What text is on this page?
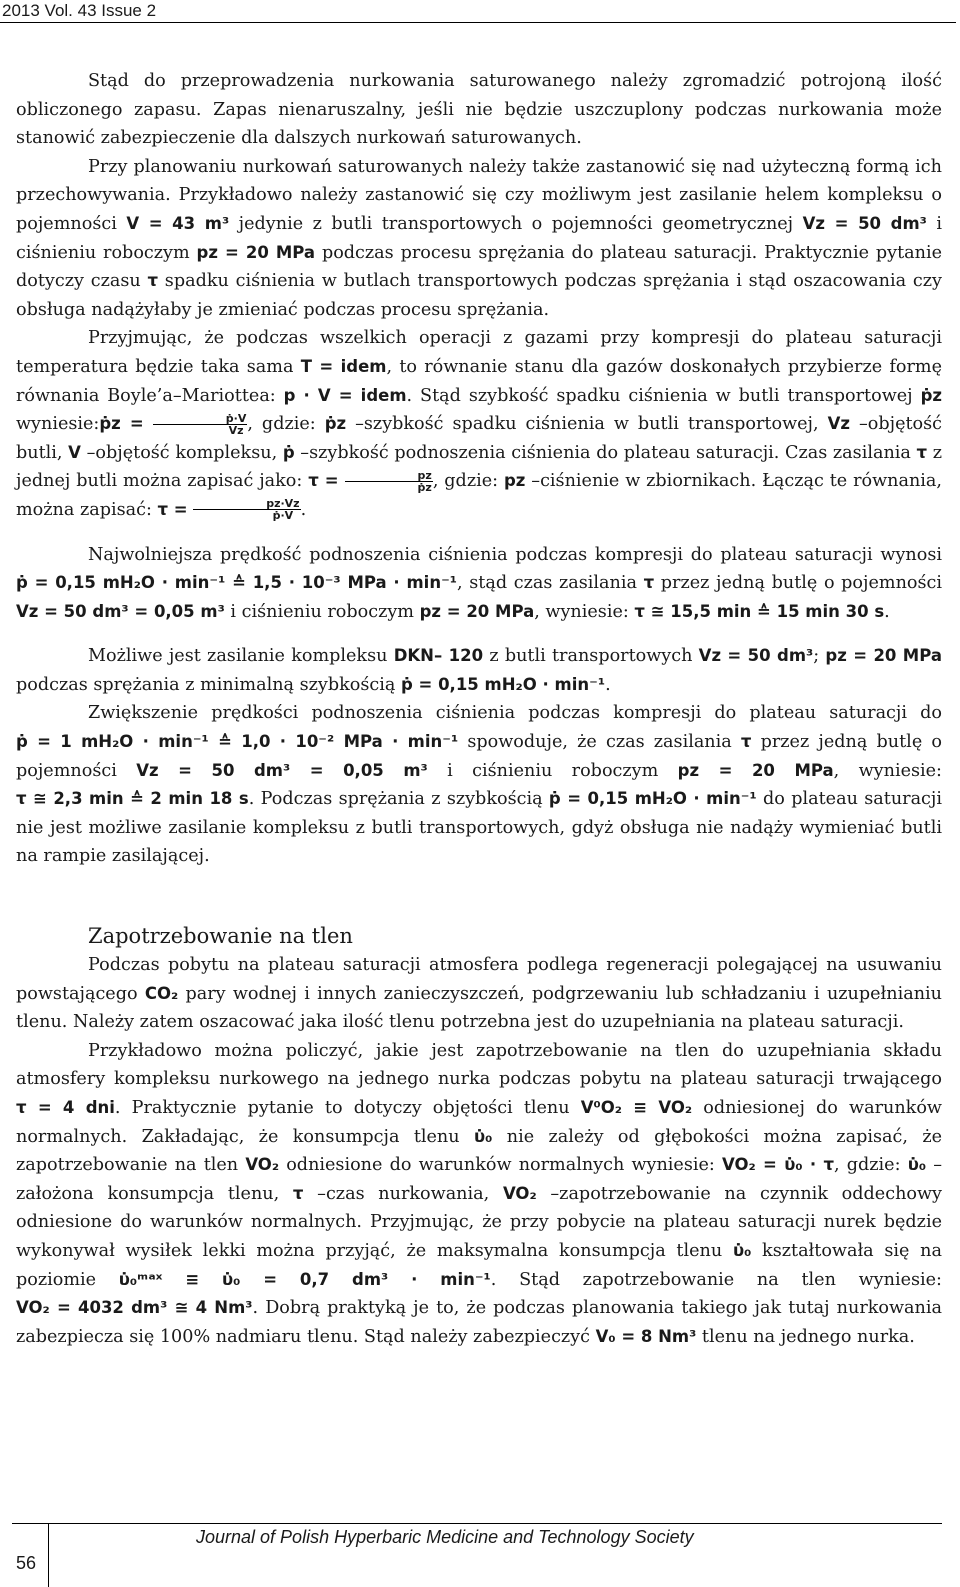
2013 Vol. 43 Issue 2

Stąd do przeprowadzenia nurkowania saturowanego należy zgromadzić potrojoną ilość obliczonego zapasu. Zapas nienaruszalny, jeśli nie będzie uszczuplony podczas nurkowania może stanowić zabezpieczenie dla dalszych nurkowań saturowanych.

Przy planowaniu nurkowań saturowanych należy także zastanowić się nad użyteczną formą ich przechowywania. Przykładowo należy zastanowić się czy możliwym jest zasilanie helem kompleksu o pojemności V = 43 m³ jedynie z butli transportowych o pojemności geometrycznej Vz = 50 dm³ i ciśnieniu roboczym pz = 20 MPa podczas procesu sprężania do plateau saturacji. Praktycznie pytanie dotyczy czasu τ spadku ciśnienia w butlach transportowych podczas sprężania i stąd oszacowania czy obsługa nadążyłaby je zmieniać podczas procesu sprężania.

Przyjmując, że podczas wszelkich operacji z gazami przy kompresji do plateau saturacji temperatura będzie taka sama T = idem, to równanie stanu dla gazów doskonałych przybierze formę równania Boyle’a–Mariottea: p · V = idem. Stąd szybkość spadku ciśnienia w butli transportowej ṗz wyniesie:ṗz = $\frac{\text{ṗ·V}}{Vz}$ , gdzie: ṗz –szybkość spadku ciśnienia w butli transportowej, Vz –objętość butli, V –objętość kompleksu, ṗ –szybkość podnoszenia ciśnienia do plateau saturacji. Czas zasilania τ z jednej butli można zapisać jako: $\tau = \frac{pz}{\text{ṗz}}$ , gdzie: pz –ciśnienie w zbiornikach. Łącząc te równania, można zapisać: $\tau = \frac{pz\cdot Vz}{\text{ṗ·V}}$ .

Najwolniejsza prędkość podnoszenia ciśnienia podczas kompresji do plateau saturacji wynosi ṗ = 0,15 mH₂O · min⁻¹ ≙ 1,5 · 10⁻³ MPa · min⁻¹, stąd czas zasilania τ przez jedną butlę o pojemności Vz = 50 dm³ = 0,05 m³ i ciśnieniu roboczym pz = 20 MPa, wyniesie: τ ≅ 15,5 min ≙ 15 min 30 s.

Możliwe jest zasilanie kompleksu DKN– 120 z butli transportowych Vz = 50 dm³; pz = 20 MPa podczas sprężania z minimalną szybkością ṗ = 0,15 mH₂O · min⁻¹.

Zwiększenie prędkości podnoszenia ciśnienia podczas kompresji do plateau saturacji do ṗ = 1 mH₂O · min⁻¹ ≙ 1,0 · 10⁻² MPa · min⁻¹ spowoduje, że czas zasilania τ przez jedną butlę o pojemności Vz = 50 dm³ = 0,05 m³ i ciśnieniu roboczym pz = 20 MPa, wyniesie: τ ≅ 2,3 min ≙ 2 min 18 s. Podczas sprężania z szybkością ṗ = 0,15 mH₂O · min⁻¹ do plateau saturacji nie jest możliwe zasilanie kompleksu z butli transportowych, gdyż obsługa nie nadąży wymieniać butli na rampie zasilającej.

Zapotrzebowanie na tlen

Podczas pobytu na plateau saturacji atmosfera podlega regeneracji polegającej na usuwaniu powstającego CO₂ pary wodnej i innych zanieczyszczeń, podgrzewaniu lub schładzaniu i uzupełnianiu tlenu. Należy zatem oszacować jaka ilość tlenu potrzebna jest do uzupełniania na plateau saturacji.

Przykładowo można policzyć, jakie jest zapotrzebowanie na tlen do uzupełniania składu atmosfery kompleksu nurkowego na jednego nurka podczas pobytu na plateau saturacji trwającego τ = 4 dni. Praktycznie pytanie to dotyczy objętości tlenu V⁰O₂ ≡ VO₂ odniesionej do warunków normalnych. Zakładając, że konsumpcja tlenu υ̇₀ nie zależy od głębokości można zapisać, że zapotrzebowanie na tlen VO₂ odniesione do warunków normalnych wyniesie: VO₂ = υ̇₀ · τ, gdzie: υ̇₀ –założona konsumpcja tlenu, τ –czas nurkowania, VO₂ –zapotrzebowanie na czynnik oddechowy odniesione do warunków normalnych. Przyjmując, że przy pobycie na plateau saturacji nurek będzie wykonywał wysiłek lekki można przyjąć, że maksymalna konsumpcja tlenu υ̇₀ kształtowała się na poziomie υ̇₀ᵐᵃˣ ≡ υ̇₀ = 0,7 dm³ · min⁻¹. Stąd zapotrzebowanie na tlen wyniesie: VO₂ = 4032 dm³ ≅ 4 Nm³. Dobrą praktyką je to, że podczas planowania takiego jak tutaj nurkowania zabezpiecza się 100% nadmiaru tlenu. Stąd należy zabezpieczyć V₀ = 8 Nm³ tlenu na jednego nurka.

Journal of Polish Hyperbaric Medicine and Technology Society
56
